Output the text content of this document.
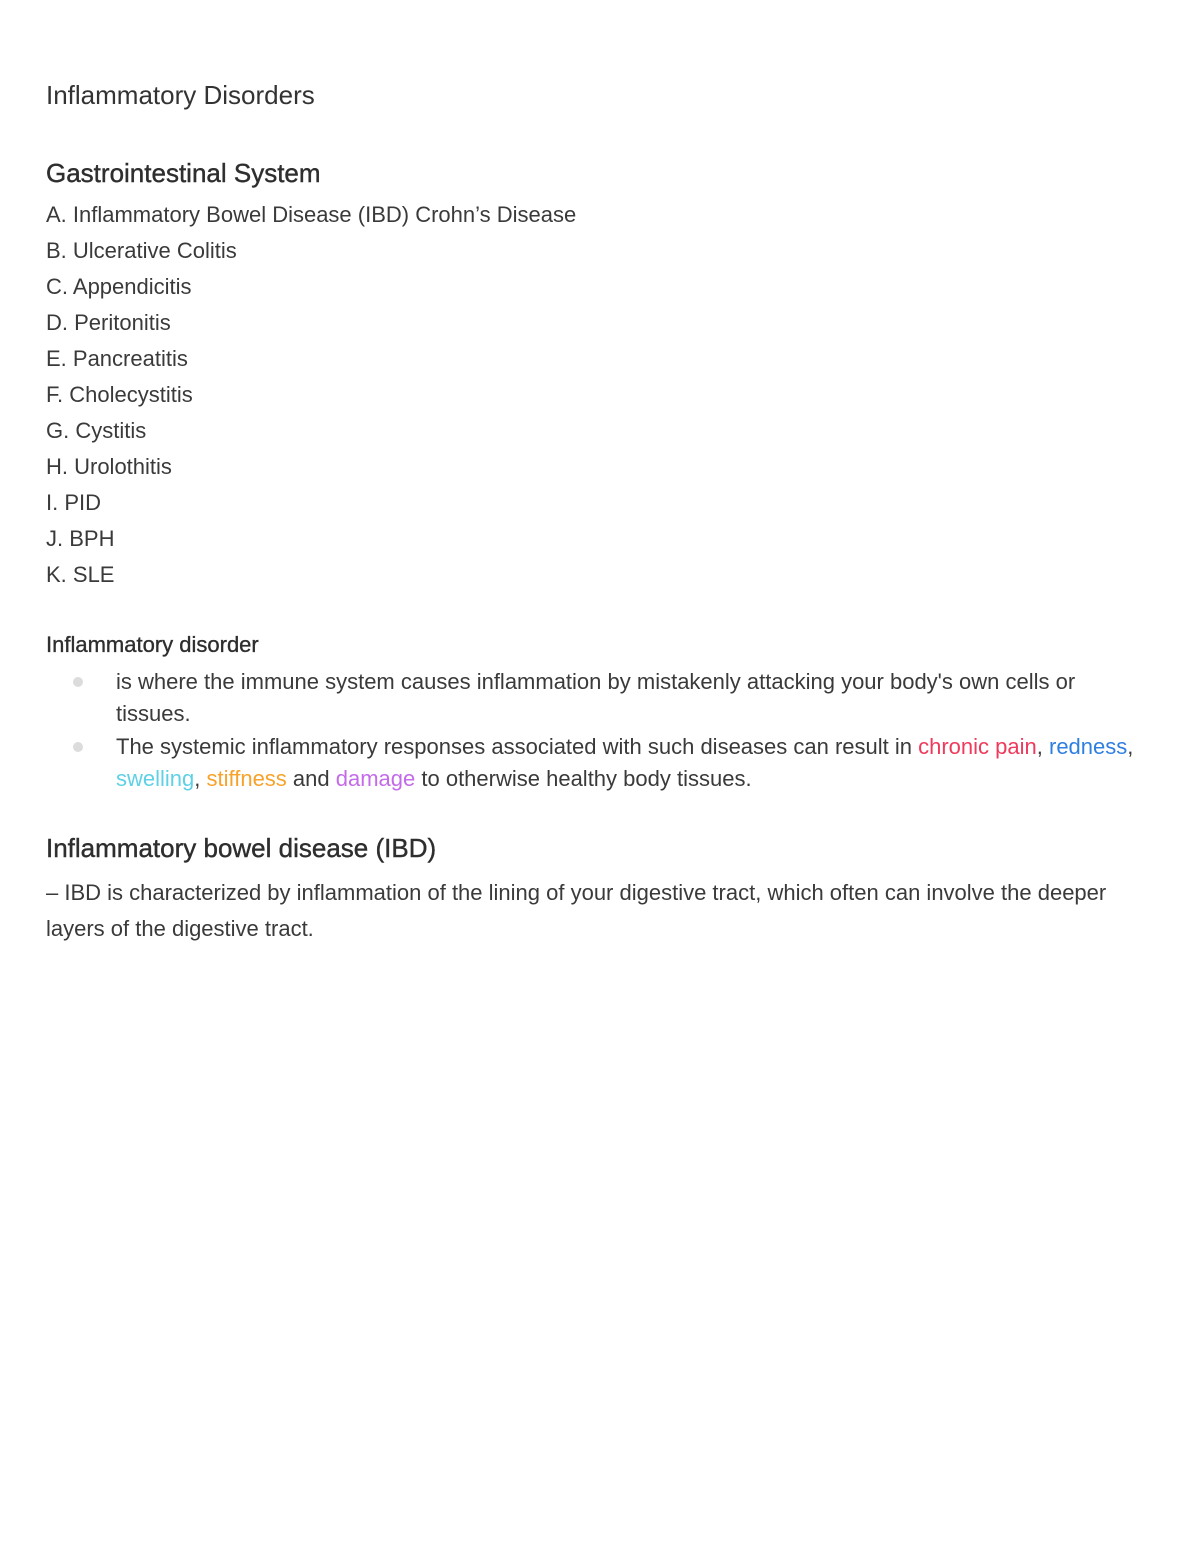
Inflammatory Disorders
Gastrointestinal System
A. Inflammatory Bowel Disease (IBD) Crohn’s Disease
B. Ulcerative Colitis
C. Appendicitis
D. Peritonitis
E. Pancreatitis
F. Cholecystitis
G. Cystitis
H. Urolothitis
I. PID
J. BPH
K. SLE
Inflammatory disorder
is where the immune system causes inflammation by mistakenly attacking your body's own cells or tissues.
The systemic inflammatory responses associated with such diseases can result in chronic pain, redness, swelling, stiffness and damage to otherwise healthy body tissues.
Inflammatory bowel disease (IBD)

– IBD is characterized by inflammation of the lining of your digestive tract, which often can involve the deeper layers of the digestive tract.
